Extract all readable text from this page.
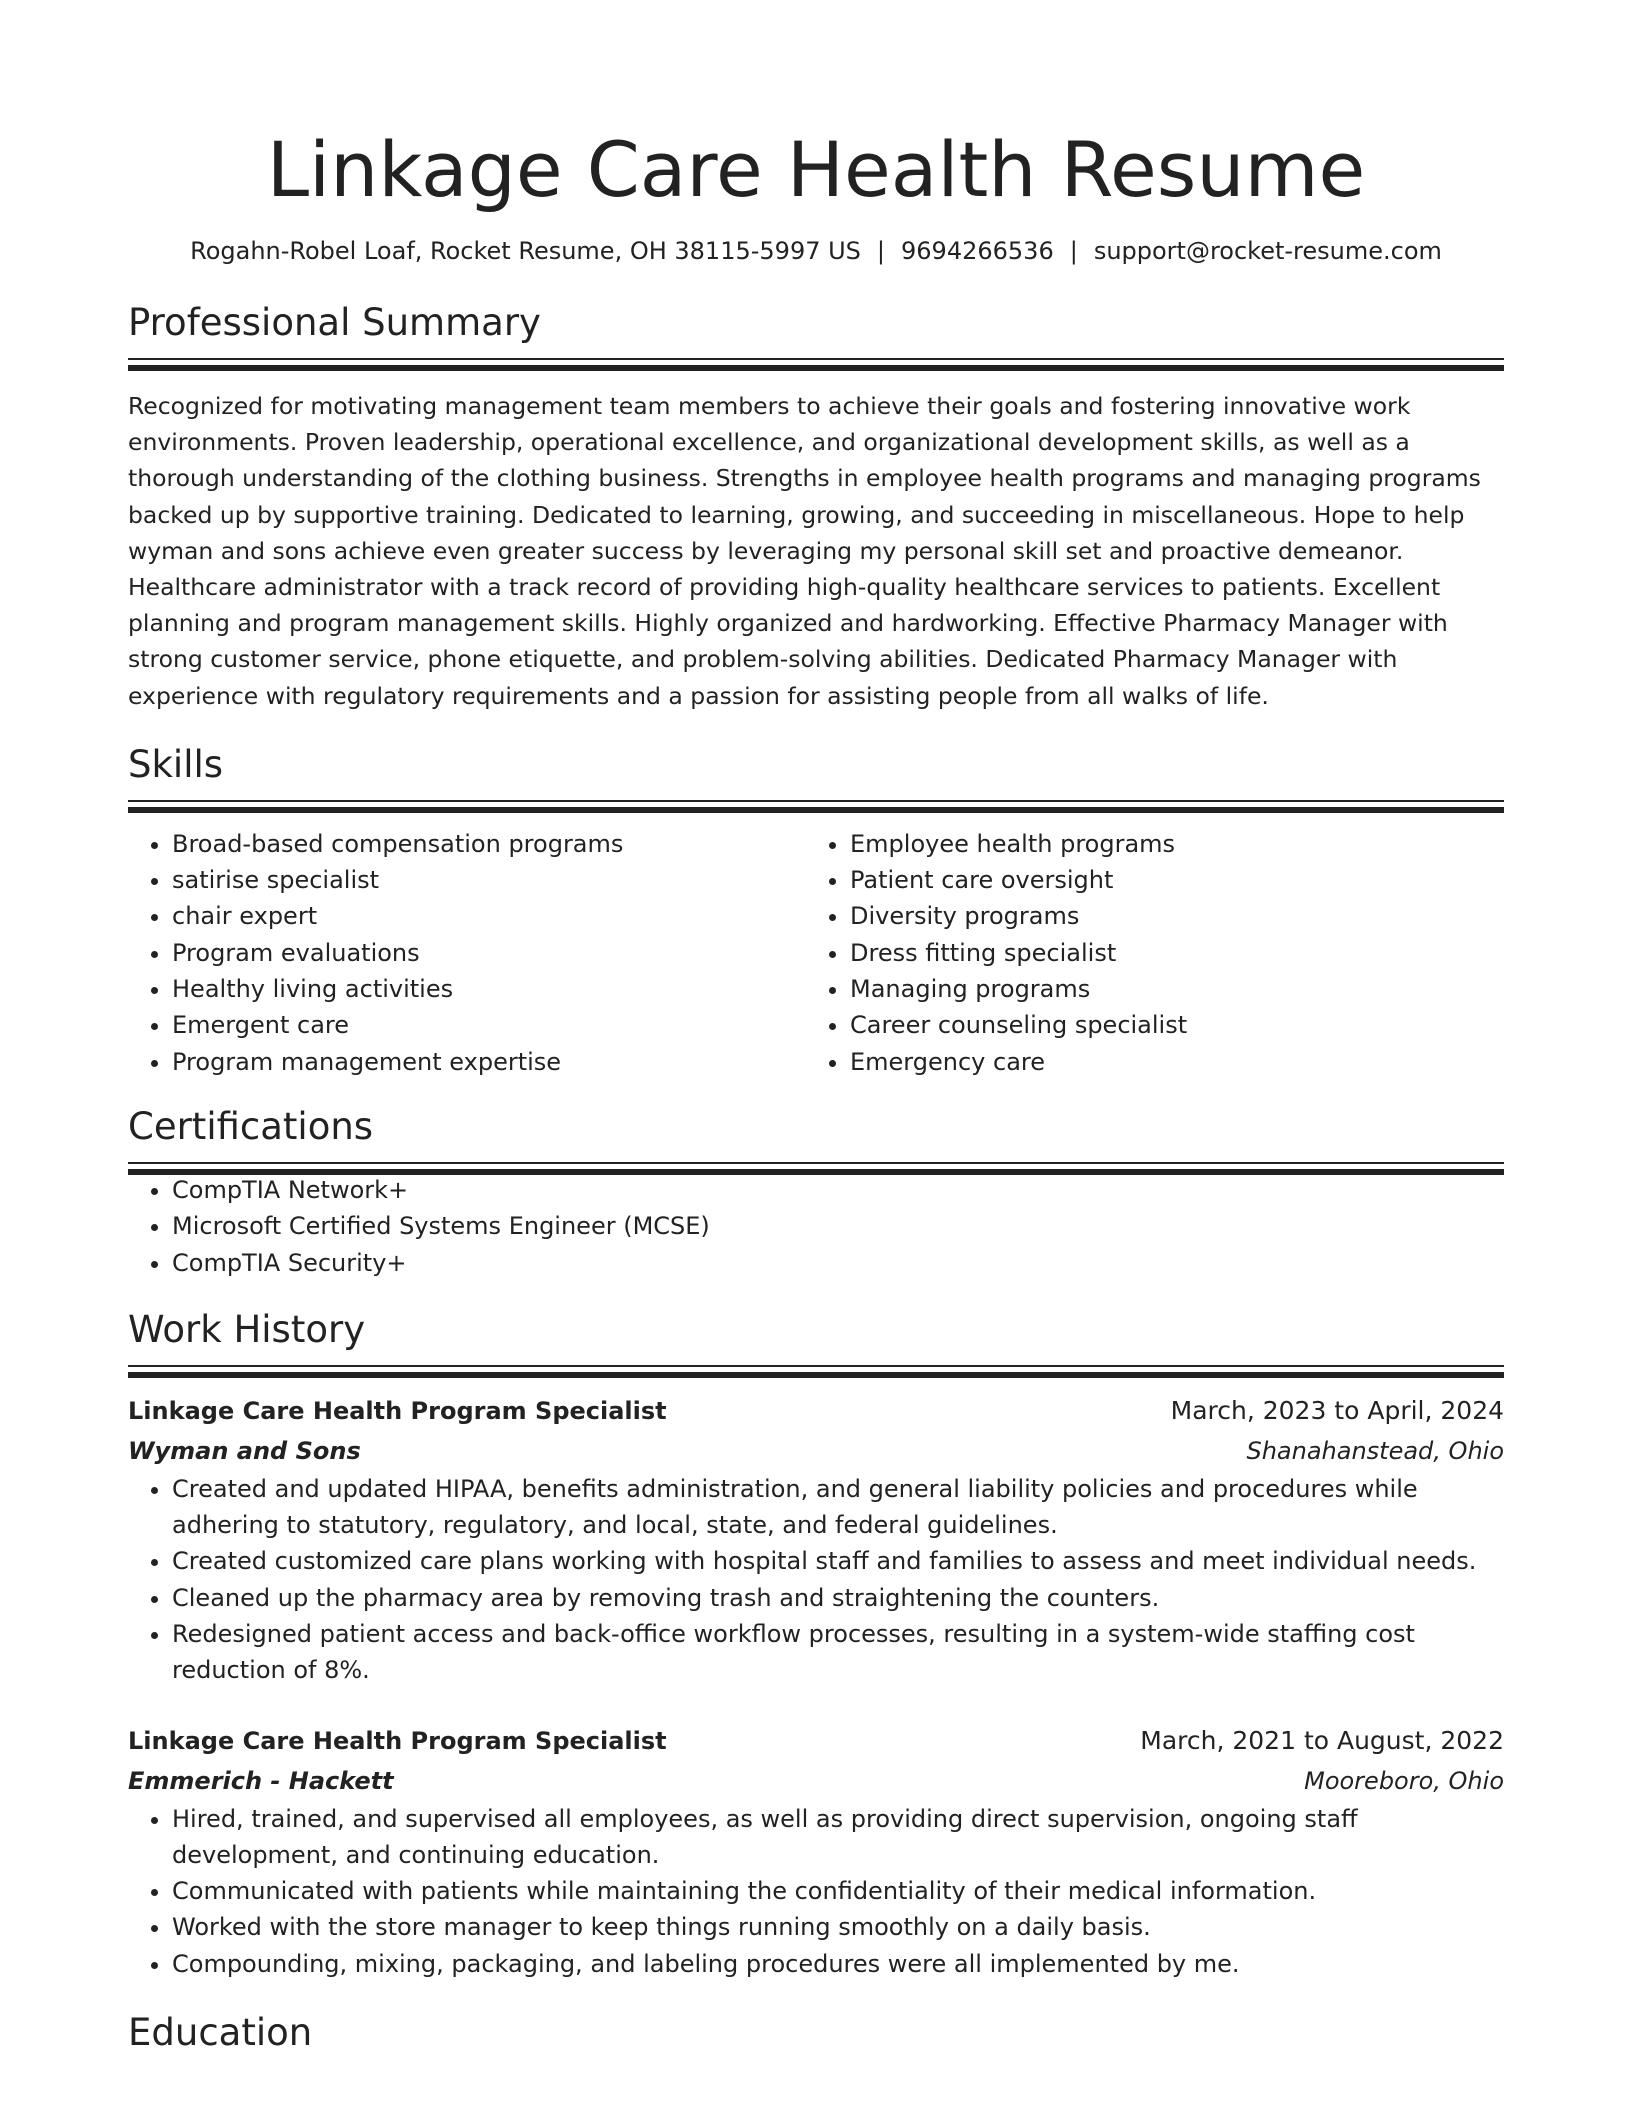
Linkage Care Health Resume
Rogahn-Robel Loaf, Rocket Resume, OH 38115-5997 US | 9694266536 | support@rocket-resume.com
Professional Summary

Recognized for motivating management team members to achieve their goals and fostering innovative work environments. Proven leadership, operational excellence, and organizational development skills, as well as a thorough understanding of the clothing business. Strengths in employee health programs and managing programs backed up by supportive training. Dedicated to learning, growing, and succeeding in miscellaneous. Hope to help wyman and sons achieve even greater success by leveraging my personal skill set and proactive demeanor. Healthcare administrator with a track record of providing high-quality healthcare services to patients. Excellent planning and program management skills. Highly organized and hardworking. Effective Pharmacy Manager with strong customer service, phone etiquette, and problem-solving abilities. Dedicated Pharmacy Manager with experience with regulatory requirements and a passion for assisting people from all walks of life.

Skills
• Broad-based compensation programs
• satirise specialist
• chair expert
• Program evaluations
• Healthy living activities
• Emergent care
• Program management expertise
• Employee health programs
• Patient care oversight
• Diversity programs
• Dress fitting specialist
• Managing programs
• Career counseling specialist
• Emergency care
Certifications
• CompTIA Network+
• Microsoft Certified Systems Engineer (MCSE)
• CompTIA Security+
Work History
Linkage Care Health Program Specialist	March, 2023 to April, 2024
Wyman and Sons	Shanahanstead, Ohio
• Created and updated HIPAA, benefits administration, and general liability policies and procedures while adhering to statutory, regulatory, and local, state, and federal guidelines.
• Created customized care plans working with hospital staff and families to assess and meet individual needs.
• Cleaned up the pharmacy area by removing trash and straightening the counters.
• Redesigned patient access and back-office workflow processes, resulting in a system-wide staffing cost reduction of 8%.
Linkage Care Health Program Specialist	March, 2021 to August, 2022
Emmerich - Hackett	Mooreboro, Ohio
• Hired, trained, and supervised all employees, as well as providing direct supervision, ongoing staff development, and continuing education.
• Communicated with patients while maintaining the confidentiality of their medical information.
• Worked with the store manager to keep things running smoothly on a daily basis.
• Compounding, mixing, packaging, and labeling procedures were all implemented by me.
Education
